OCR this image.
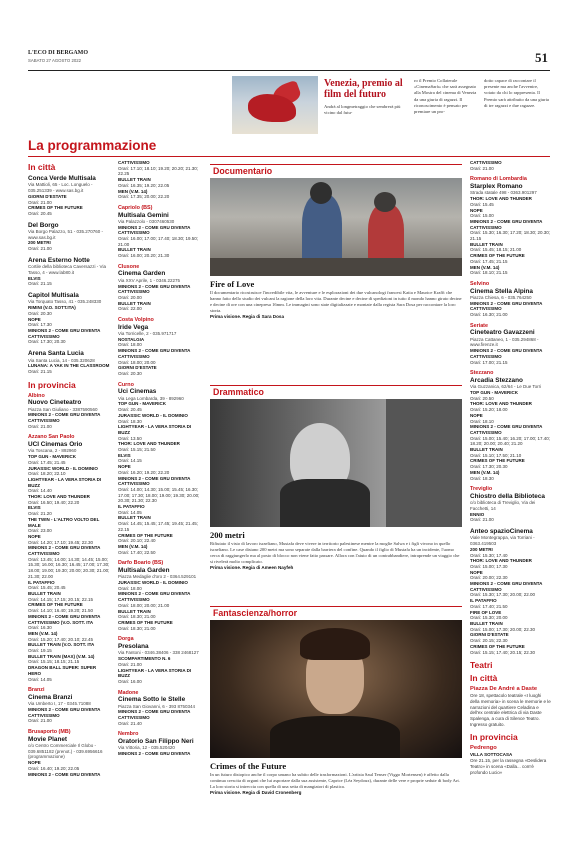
L'ECO DI BERGAMO
SABATO 27 AGOSTO 2022	51
Venezia, premio al film del futuro
Andrà al longmetraggio che sembrerà più vicino dal futu-
ro il Premio Collaterale «CinemaSarà» che sarà assegnato alla Mostra del cinema di Venezia da una giuria di ragazzi. Il riconoscimento è pensato per premiare un pro-
dotto capace di raccontare il presente ma anche l'avvenire, votato da chi lo rappresenta. Il Premio sarà attribuito da una giuria di tre ragazzi e due ragazze.
La programmazione
In città
Conca Verde Multisala
Via Mattioli, 65 - Loc. Longuelo - 035.251339 - www.sas.bg.it
GIORNI D'ESTATE
Orari: 21.00
CRIMES OF THE FUTURE
Orari: 20.45
Del Borgo
Via Borgo Palazzo, 51 - 035.270760 - www.sas.bg.it
200 METRI
Orari: 21.00
Arena Esterno Notte
Cortile della biblioteca Caversazzi - Via Tasso, 4 - www.lab80.it
ELVIS
Orari: 21.15
Capitol Multisala
Via Torquato Tasso, 41 - 035.248330
RIMINI (V.O. SOTT.ITA)
Orari: 20.30
NOPE
Orari: 17.30
MINIONS 2 - COME GRU DIVENTA CATTIVISSIMO
Orari: 17.30; 20.30
Arena Santa Lucia
Via Santa Lucia, 14 - 035.320628
LUNANA: A YAK IN THE CLASSROOM
Orari: 21.15
In provincia
Albino
Nuovo Cineteatro
Piazza San Giuliano - 3387590560
MINIONS 2 - COME GRU DIVENTA CATTIVISSIMO
Orari: 21.00
Azzano San Paolo
UCI Cinemas Orio
Via Toscana, 2 - 892960
TOP GUN - MAVERICK
Orari: 17.45; 21.45
JURASSIC WORLD - IL DOMINIO
Orari: 18.20; 22.10
LIGHTYEAR - LA VERA STORIA DI BUZZ
Orari: 14.40
THOR: LOVE AND THUNDER
Orari: 16.50; 19.40; 22.20
ELVIS
Orari: 21.20
THE TWIN - L'ALTRO VOLTO DEL MALE
Orari: 23.00
NOPE
Orari: 14.20; 17.10; 19.45; 22.30
MINIONS 2 - COME GRU DIVENTA CATTIVISSIMO
Orari: 13.45; 14.00; 14.30; 14.45; 15.00; 15.30; 16.00; 16.30; 16.45; 17.00; 17.30; 18.00; 19.00; 19.30; 20.00; 20.30; 21.00; 21.30; 22.00
IL PATAFFIO
Orari: 15.45; 20.45
BULLET TRAIN
Orari: 14.15; 17.15; 20.15; 22.15
CRIMES OF THE FUTURE
Orari: 14.10; 16.40; 19.20; 21.50
MINIONS 2 - COME GRU DIVENTA CATTIVISSIMO (V.O. SOTT. ITA
Orari: 16.30
MEN (V.M. 14)
Orari: 15.20; 17.40; 20.10; 22.45
BULLET TRAIN (V.O. SOTT. ITA
Orari: 19.15
BULLET TRAIN (MAX) (V.M. 14)
Orari: 15.15; 18.15; 21.15
DRAGON BALL SUPER: SUPER HERO
Orari: 14.05
Branzi
Cinema Branzi
Via Umberto I, 17 - 0345.71088
MINIONS 2 - COME GRU DIVENTA CATTIVISSIMO
Orari: 21.00
Brusaporto (MB)
Movie Planet
c/o Centro Commerciale Il Globo - 039.6851182 (prenot.) - 039.6956616 (programmazione)
NOPE
Orari: 16.40; 19.20; 22.05
MINIONS 2 - COME GRU DIVENTA
CATTIVISSIMO
Orari: 17.10; 18.10; 19.20; 20.20; 21.30; 22.25
BULLET TRAIN
Orari: 16.35; 19.20; 22.05
MEN (V.M. 14)
Orari: 17.35; 20.00; 22.20
Capriolo (BS)
Multisala Gemini
Via Palazzolo - 0307460530
MINIONS 2 - COME GRU DIVENTA CATTIVISSIMO
Orari: 16.00; 17.00; 17.40; 18.30; 19.50; 21.00
BULLET TRAIN
Orari: 16.00; 20.20; 21.30
Clusone
Cinema Garden
Via XXV Aprile, 1 - 0346.22275
MINIONS 2 - COME GRU DIVENTA CATTIVISSIMO
Orari: 20.00
BULLET TRAIN
Orari: 22.00
Costa Volpino
Iride Vega
Via Torricelle, 2 - 035.971717
NOSTALGIA
Orari: 18.00
MINIONS 2 - COME GRU DIVENTA CATTIVISSIMO
Orari: 18.00; 20.00
GIORNI D'ESTATE
Orari: 20.30
Curno
Uci Cinemas
Via Lega Lombarda, 39 - 892960
TOP GUN - MAVERICK
Orari: 20.45
JURASSIC WORLD - IL DOMINIO
Orari: 18.30
LIGHTYEAR - LA VERA STORIA DI BUZZ
Orari: 13.50
THOR: LOVE AND THUNDER
Orari: 15.15; 21.50
ELVIS
Orari: 14.15
NOPE
Orari: 16.20; 19.20; 22.20
MINIONS 2 - COME GRU DIVENTA CATTIVISSIMO
Orari: 14.00; 14.30; 15.00; 15.45; 16.30; 17.00; 17.30; 18.00; 19.00; 19.30; 20.00; 20.30; 21.30; 22.30
IL PATAFFIO
Orari: 14.05
BULLET TRAIN
Orari: 14.45; 15.45; 17.45; 19.45; 21.45; 22.15
CRIMES OF THE FUTURE
Orari: 20.10; 22.40
MEN (V.M. 14)
Orari: 17.40; 22.50
Darfo Boario (BS)
Multisala Garden
Piazza Medaglie d'oro 2 - 0364.529101
JURASSIC WORLD - IL DOMINIO
Orari: 18.00
MINIONS 2 - COME GRU DIVENTA CATTIVISSIMO
Orari: 18.00; 20.00; 21.00
BULLET TRAIN
Orari: 18.30; 21.00
CRIMES OF THE FUTURE
Orari: 18.30; 21.00
Dorga
Presolana
Via Fantoni - 0346.38406 - 338 2468127
SCOMPARTIMENTO N. 6
Orari: 21.00
LIGHTYEAR - LA VERA STORIA DI BUZZ
Orari: 16.00
Madone
Cinema Sotto le Stelle
Piazza San Giovanni, 6 - 393 8750344
MINIONS 2 - COME GRU DIVENTA CATTIVISSIMO
Orari: 21.40
Nembro
Oratorio San Filippo Neri
Via Vittoria, 12 - 035.520420
MINIONS 2 - COME GRU DIVENTA
CATTIVISSIMO
Orari: 21.00
Romano di Lombardia
Starplex Romano
Strada statale 498 - 0363.901297
THOR: LOVE AND THUNDER
Orari: 15.45
NOPE
Orari: 15.00
MINIONS 2 - COME GRU DIVENTA CATTIVISSIMO
Orari: 15.30; 16.30; 17.20; 18.30; 20.30; 21.15
BULLET TRAIN
Orari: 15.45; 18.15; 21.00
CRIMES OF THE FUTURE
Orari: 17.45; 21.15
MEN (V.M. 14)
Orari: 18.10; 21.15
Selvino
Cinema Stella Alpina
Piazza Chiesa, 6 - 035.764250
MINIONS 2 - COME GRU DIVENTA CATTIVISSIMO
Orari: 16.30; 21.00
Seriate
Cineteatro Gavazzeni
Piazza Cattaneo, 1 - 035.294868 - www.firenze.it
MINIONS 2 - COME GRU DIVENTA CATTIVISSIMO
Orari: 17.00; 21.15
Stezzano
Arcadia Stezzano
Via Guzzanica, 62/64 - Le Due Torri
TOP GUN - MAVERICK
Orari: 20.50
THOR: LOVE AND THUNDER
Orari: 15.20; 18.00
NOPE
Orari: 18.10
MINIONS 2 - COME GRU DIVENTA CATTIVISSIMO
Orari: 15.00; 15.40; 16.20; 17.00; 17.40; 18.20; 20.00; 20.40; 21.20
BULLET TRAIN
Orari: 15.10; 17.50; 21.10
CRIMES OF THE FUTURE
Orari: 17.30; 20.30
MEN (V.M. 14)
Orari: 18.30
Treviglio
Chiostro della Biblioteca
c/o biblioteca di Treviglio, Via dei Facchetti, 14
ENNIO
Orari: 21.00
Anteo spazioCinema
Viale Montegrappa, via Torriani - 0363.419503
200 METRI
Orari: 15.30; 17.40
THOR: LOVE AND THUNDER
Orari: 15.00; 17.30
NOPE
Orari: 20.00; 22.30
MINIONS 2 - COME GRU DIVENTA CATTIVISSIMO
Orari: 15.30; 17.30; 20.00; 22.00
IL PATAFFIO
Orari: 17.40; 21.50
FIRE OF LOVE
Orari: 15.30; 20.00
BULLET TRAIN
Orari: 15.00; 17.30; 20.00; 22.30
GIORNI D'ESTATE
Orari: 20.15; 22.30
CRIMES OF THE FUTURE
Orari: 15.15; 17.40; 20.15; 22.30
Teatri
In città
Piazza De André a Daste
Ore 18, spettacolo teatrale «I luoghi della memoria» in scena le memorie e le narrazioni del quartiere Celadina e dell'ex centrale elettrica di via Daste Spalenga, a cura di Silence Teatro. Ingresso gratuito.
In provincia
Pedrengo
VILLA SOTTOCASA
Ore 21.15, per la rassegna «Deslidera Teatro» in scena «Dalla... com'è profondo Lucio»
Documentario
Fire of Love
Il documentario ricostruisce l'incredibile vita, le avventure e le esplorazioni dei due vulcanologi francesi Katia e Maurice Krafft che hanno fatto dello studio dei vulcani la ragione della loro vita. Durante decine e decine di spedizioni in tutto il mondo hanno girato decine e decine di ore con una cinepresa 16mm. Le immagini sono state digitalizzate e montate dalla regista Sara Dosa per raccontare la loro storia.
Prima visione. Regia di Sara Dosa
Drammatico
200 metri
Rifiutato il visto di lavoro israeliano, Mustafa deve vivere in territorio palestinese mentre la moglie Salwa e i figli vivono in quello israeliano. Le case distano 200 metri ma sono separate dalla barriera del confine. Quando il figlio di Mustafa ha un incidente, l'uomo cerca di raggiungerlo ma al posto di blocco non viene fatto passare. Allora con l'aiuto di un contrabbandiere, intraprende un viaggio che si rivelerà molto complicato.
Prima visione. Regia di Ameen Nayfeh
Fantascienza/horror
Crimes of the Future
In un futuro distopico anche il corpo umano ha subito delle trasformazioni. L'artista Saul Tenser (Viggo Mortensen) è affetto dalla continua crescita di organi che lui asportare dalla sua assistente, Caprice (Léa Seydoux), durante delle vere e proprie sedute di body Art. La loro storia si intreccia con quella di una setta di mangiatori di plastica.
Prima visione. Regia di David Cronenberg
